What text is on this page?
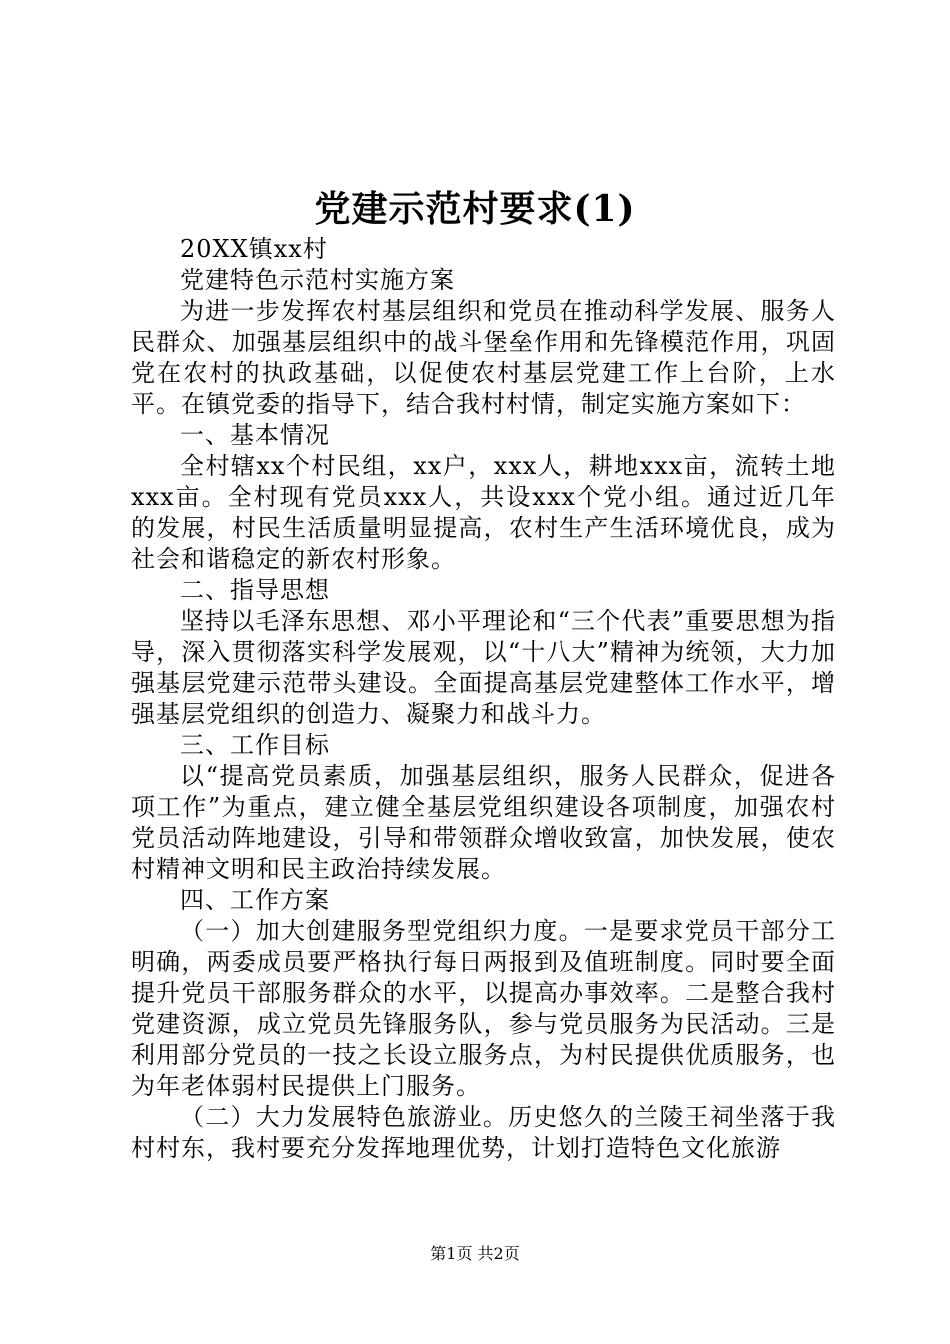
党建示范村要求(1)

20XX镇xx村

党建特色示范村实施方案

为进一步发挥农村基层组织和党员在推动科学发展、服务人民群众、加强基层组织中的战斗堡垒作用和先锋模范作用，巩固党在农村的执政基础，以促使农村基层党建工作上台阶，上水平。在镇党委的指导下，结合我村村情，制定实施方案如下：

一、基本情况

全村辖xx个村民组，xx户，xxx人，耕地xxx亩，流转土地xxx亩。全村现有党员xxx人，共设xxx个党小组。通过近几年的发展，村民生活质量明显提高，农村生产生活环境优良，成为社会和谐稳定的新农村形象。

二、指导思想

坚持以毛泽东思想、邓小平理论和“三个代表”重要思想为指导，深入贯彻落实科学发展观，以“十八大”精神为统领，大力加强基层党建示范带头建设。全面提高基层党建整体工作水平，增强基层党组织的创造力、凝聚力和战斗力。

三、工作目标

以“提高党员素质，加强基层组织，服务人民群众，促进各项工作”为重点，建立健全基层党组织建设各项制度，加强农村党员活动阵地建设，引导和带领群众增收致富，加快发展，使农村精神文明和民主政治持续发展。

四、工作方案

（一）加大创建服务型党组织力度。一是要求党员干部分工明确，两委成员要严格执行每日两报到及值班制度。同时要全面提升党员干部服务群众的水平，以提高办事效率。二是整合我村党建资源，成立党员先锋服务队，参与党员服务为民活动。三是利用部分党员的一技之长设立服务点，为村民提供优质服务，也为年老体弱村民提供上门服务。

（二）大力发展特色旅游业。历史悠久的兰陵王祠坐落于我村村东，我村要充分发挥地理优势，计划打造特色文化旅游

第1页 共2页
